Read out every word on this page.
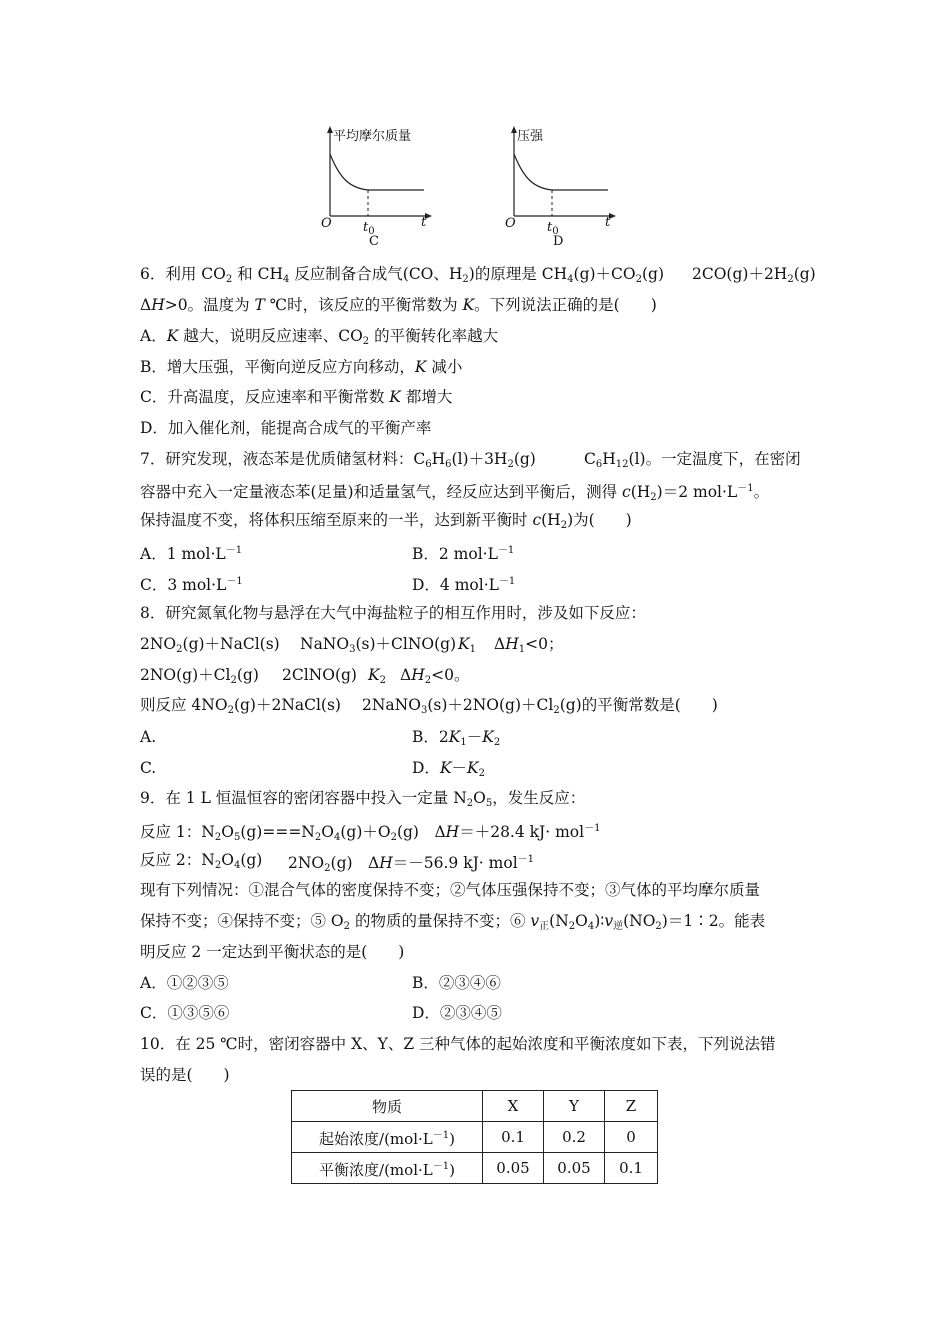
平均摩尔质量
O $t_0$
t
C
压强
O $t_0$
t
D
6．利用 $CO_2$ 和 $CH_4$ 反应制备合成气(CO、$H_2$)的原理是 $CH_4(g)+CO_2(g)$ $2CO(g)+2H_2(g)$
ΔH>0。温度为 T ℃时，该反应的平衡常数为 K。下列说法正确的是(　　)
A．K 越大，说明反应速率、$CO_2$ 的平衡转化率越大
B．增大压强，平衡向逆反应方向移动，K 减小
C．升高温度，反应速率和平衡常数 K 都增大
D．加入催化剂，能提高合成气的平衡产率
7．研究发现，液态苯是优质储氢材料：$C_6H_6(l)+3H_2(g)$	$C_6H_{12}(l)$。一定温度下，在密闭
容器中充入一定量液态苯(足量)和适量氢气，经反应达到平衡后，测得 $c(H_2)=2$ $mol\cdot L^{-1}$。
保持温度不变，将体积压缩至原来的一半，达到新平衡时 $c(H_2)$为(　　)
A．1 $mol\cdot L^{-1}$	B．2 $mol\cdot L^{-1}$
C．3 $mol\cdot L^{-1}$	D．4 $mol\cdot L^{-1}$
8．研究氮氧化物与悬浮在大气中海盐粒子的相互作用时，涉及如下反应：
$2NO_2(g)+NaCl(s)$ NaNO$_3$(s)＋ClNO(g) $K_1$ $\Delta H_1<0$；
$2NO(g)+Cl_2(g)$ 2ClNO(g) $K_2$ $\Delta H_2<0$。
则反应 $4NO_2(g)+2NaCl(s)$ $2NaNO_3(s)+2NO(g)+Cl_2(g)$的平衡常数是(　　)
A.	B．$2K_1-K_2$
C.	D．$K-K_2$
9．在 1 L 恒温恒容的密闭容器中投入一定量 $N_2O_5$，发生反应：
反应 1：$N_2O_5(g)===N_2O_4(g)+O_2(g)$　ΔH＝＋28.4 kJ· mol$^{-1}$
反应 2：$N_2O_4(g)$ $2NO_2(g)$　ΔH＝－56.9 kJ· mol$^{-1}$
现有下列情况：①混合气体的密度保持不变；②气体压强保持不变；③气体的平均摩尔质量
保持不变；④保持不变；⑤ $O_2$ 的物质的量保持不变；⑥ $v_正(N_2O_4)∶v_逆(NO_2)=1∶2$。能表
明反应 2 一定达到平衡状态的是(　　)
A．①②③⑤	B．②③④⑥
C．①③⑤⑥	D．②③④⑤
10．在 25 ℃时，密闭容器中 X、Y、Z 三种气体的起始浓度和平衡浓度如下表，下列说法错
误的是(　　)
物质	X	Y	Z
起始浓度$/(mol\cdot L^{-1})$	0.1	0.2	0
平衡浓度$/(mol\cdot L^{-1})$	0.05	0.05	0.1
